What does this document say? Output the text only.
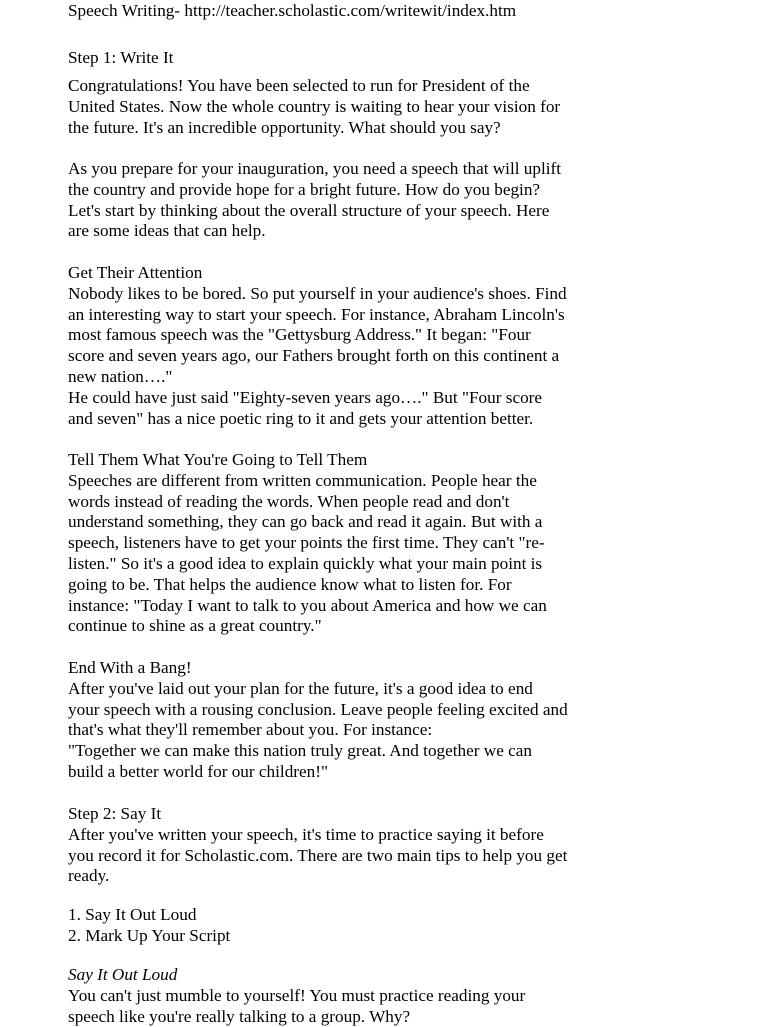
Speech Writing- http://teacher.scholastic.com/writewit/index.htm

Step 1: Write It

Congratulations! You have been selected to run for President of the United States. Now the whole country is waiting to hear your vision for the future. It's an incredible opportunity. What should you say?

As you prepare for your inauguration, you need a speech that will uplift the country and provide hope for a bright future. How do you begin? Let's start by thinking about the overall structure of your speech. Here are some ideas that can help.

Get Their Attention

Nobody likes to be bored. So put yourself in your audience's shoes. Find an interesting way to start your speech. For instance, Abraham Lincoln's most famous speech was the "Gettysburg Address." It began: "Four score and seven years ago, our Fathers brought forth on this continent a new nation…."

He could have just said "Eighty-seven years ago…." But "Four score and seven" has a nice poetic ring to it and gets your attention better.

Tell Them What You're Going to Tell Them

Speeches are different from written communication. People hear the words instead of reading the words. When people read and don't understand something, they can go back and read it again. But with a speech, listeners have to get your points the first time. They can't "re-listen." So it's a good idea to explain quickly what your main point is going to be. That helps the audience know what to listen for. For instance: "Today I want to talk to you about America and how we can continue to shine as a great country."

End With a Bang!

After you've laid out your plan for the future, it's a good idea to end your speech with a rousing conclusion. Leave people feeling excited and that's what they'll remember about you. For instance:

"Together we can make this nation truly great. And together we can build a better world for our children!"

Step 2: Say It

After you've written your speech, it's time to practice saying it before you record it for Scholastic.com. There are two main tips to help you get ready.

1. Say It Out Loud
2. Mark Up Your Script

Say It Out Loud

You can't just mumble to yourself! You must practice reading your speech like you're really talking to a group. Why?
